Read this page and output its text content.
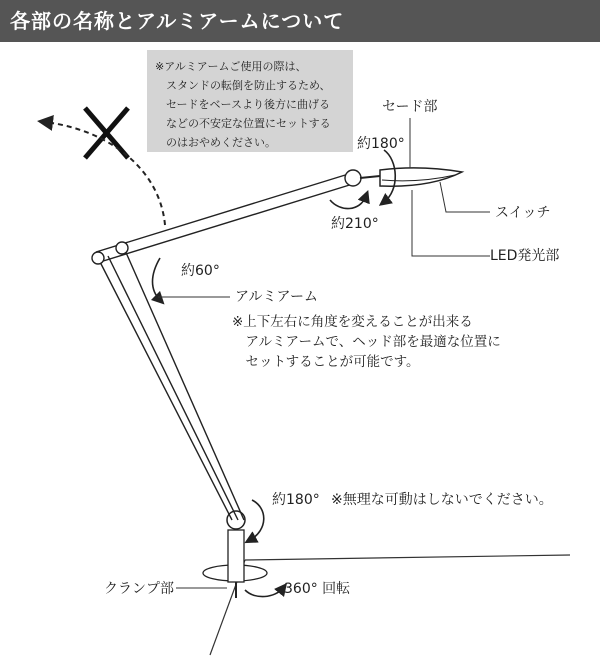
各部の名称とアルミアームについて
※アルミアームご使用の際は、
　スタンドの転倒を防止するため、
　セードをベースより後方に曲げる
　などの不安定な位置にセットする
　のはおやめください。
セード部
約180°
約210°
スイッチ
LED発光部
約60°
アルミアーム
※上下左右に角度を変えることが出来る
　アルミアームで、ヘッド部を最適な位置に
　セットすることが可能です。
約180° ※無理な可動はしないでください。
クランプ部	360° 回転
